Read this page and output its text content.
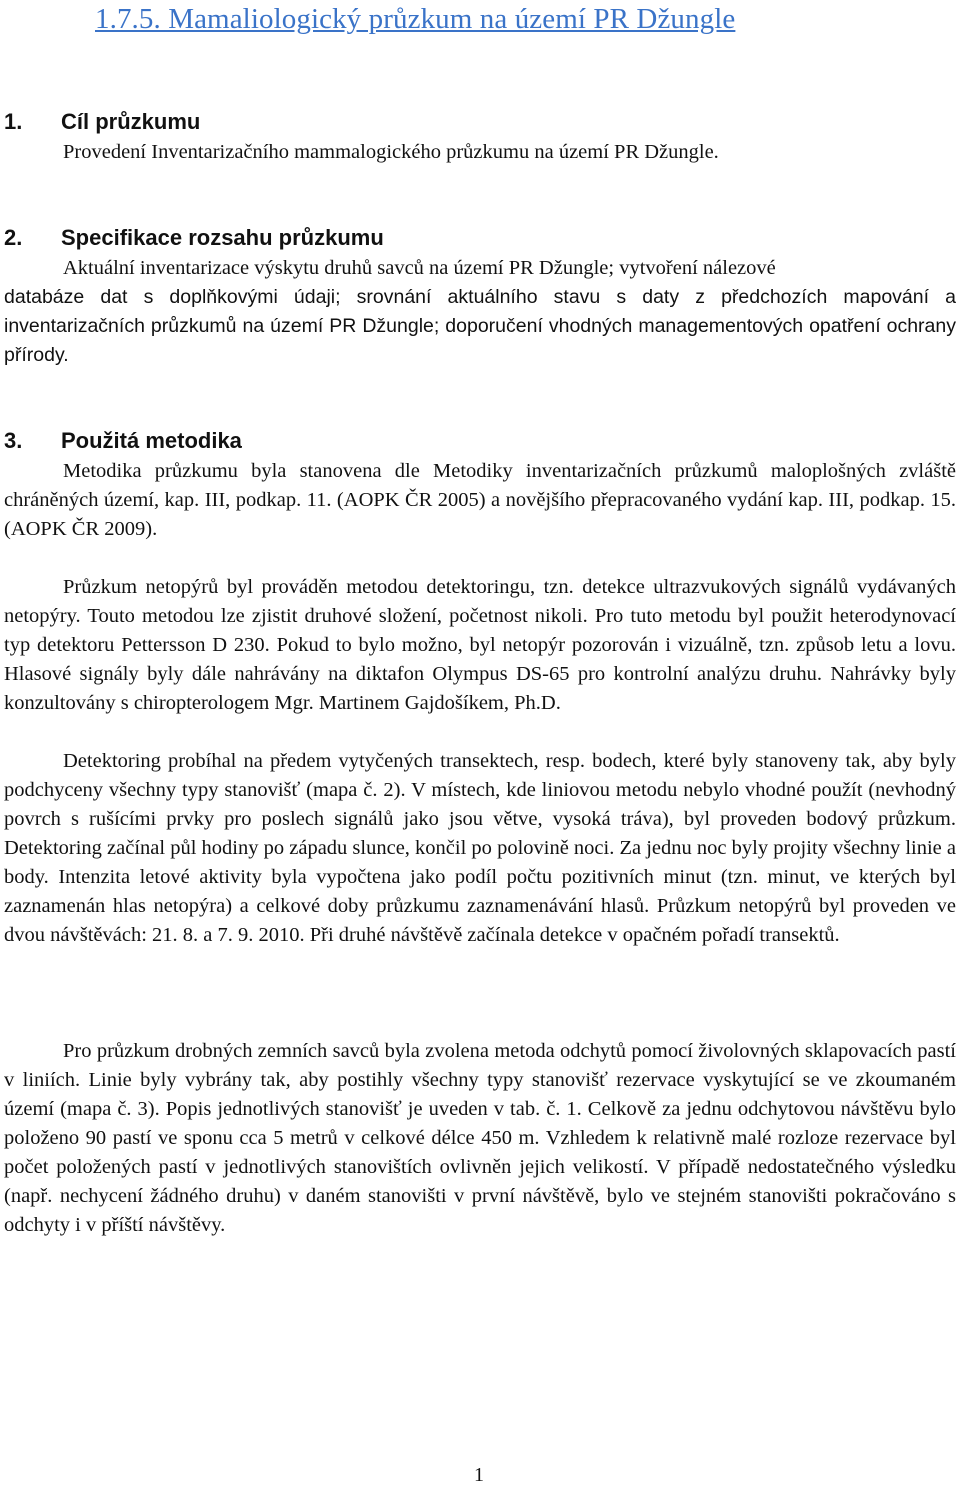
1.7.5. Mamaliologický průzkum na území PR Džungle
1. Cíl průzkumu

Provedení Inventarizačního mammalogického průzkumu na území PR Džungle.

2. Specifikace rozsahu průzkumu

Aktuální inventarizace výskytu druhů savců na území PR Džungle; vytvoření nálezové

databáze dat s doplňkovými údaji; srovnání aktuálního stavu s daty z předchozích mapování a inventarizačních průzkumů na území PR Džungle; doporučení vhodných managementových opatření ochrany přírody.

3. Použitá metodika

Metodika průzkumu byla stanovena dle Metodiky inventarizačních průzkumů maloplošných zvláště chráněných území, kap. III, podkap. 11. (AOPK ČR 2005) a novějšího přepracovaného vydání kap. III, podkap. 15. (AOPK ČR 2009).

Průzkum netopýrů byl prováděn metodou detektoringu, tzn. detekce ultrazvukových signálů vydávaných netopýry. Touto metodou lze zjistit druhové složení, početnost nikoli. Pro tuto metodu byl použit heterodynovací typ detektoru Pettersson D 230. Pokud to bylo možno, byl netopýr pozorován i vizuálně, tzn. způsob letu a lovu. Hlasové signály byly dále nahrávány na diktafon Olympus DS-65 pro kontrolní analýzu druhu. Nahrávky byly konzultovány s chiropterologem Mgr. Martinem Gajdošíkem, Ph.D.

Detektoring probíhal na předem vytyčených transektech, resp. bodech, které byly stanoveny tak, aby byly podchyceny všechny typy stanovišť (mapa č. 2). V místech, kde liniovou metodu nebylo vhodné použít (nevhodný povrch s rušícími prvky pro poslech signálů jako jsou větve, vysoká tráva), byl proveden bodový průzkum. Detektoring začínal půl hodiny po západu slunce, končil po polovině noci. Za jednu noc byly projity všechny linie a body. Intenzita letové aktivity byla vypočtena jako podíl počtu pozitivních minut (tzn. minut, ve kterých byl zaznamenán hlas netopýra) a celkové doby průzkumu zaznamenávání hlasů. Průzkum netopýrů byl proveden ve dvou návštěvách: 21. 8. a 7. 9. 2010. Při druhé návštěvě začínala detekce v opačném pořadí transektů.

Pro průzkum drobných zemních savců byla zvolena metoda odchytů pomocí živolovných sklapovacích pastí v liniích. Linie byly vybrány tak, aby postihly všechny typy stanovišť rezervace vyskytující se ve zkoumaném území (mapa č. 3). Popis jednotlivých stanovišť je uveden v tab. č. 1. Celkově za jednu odchytovou návštěvu bylo položeno 90 pastí ve sponu cca 5 metrů v celkové délce 450 m. Vzhledem k relativně malé rozloze rezervace byl počet položených pastí v jednotlivých stanovištích ovlivněn jejich velikostí. V případě nedostatečného výsledku (např. nechycení žádného druhu) v daném stanovišti v první návštěvě, bylo ve stejném stanovišti pokračováno s odchyty i v příští návštěvy.

1
